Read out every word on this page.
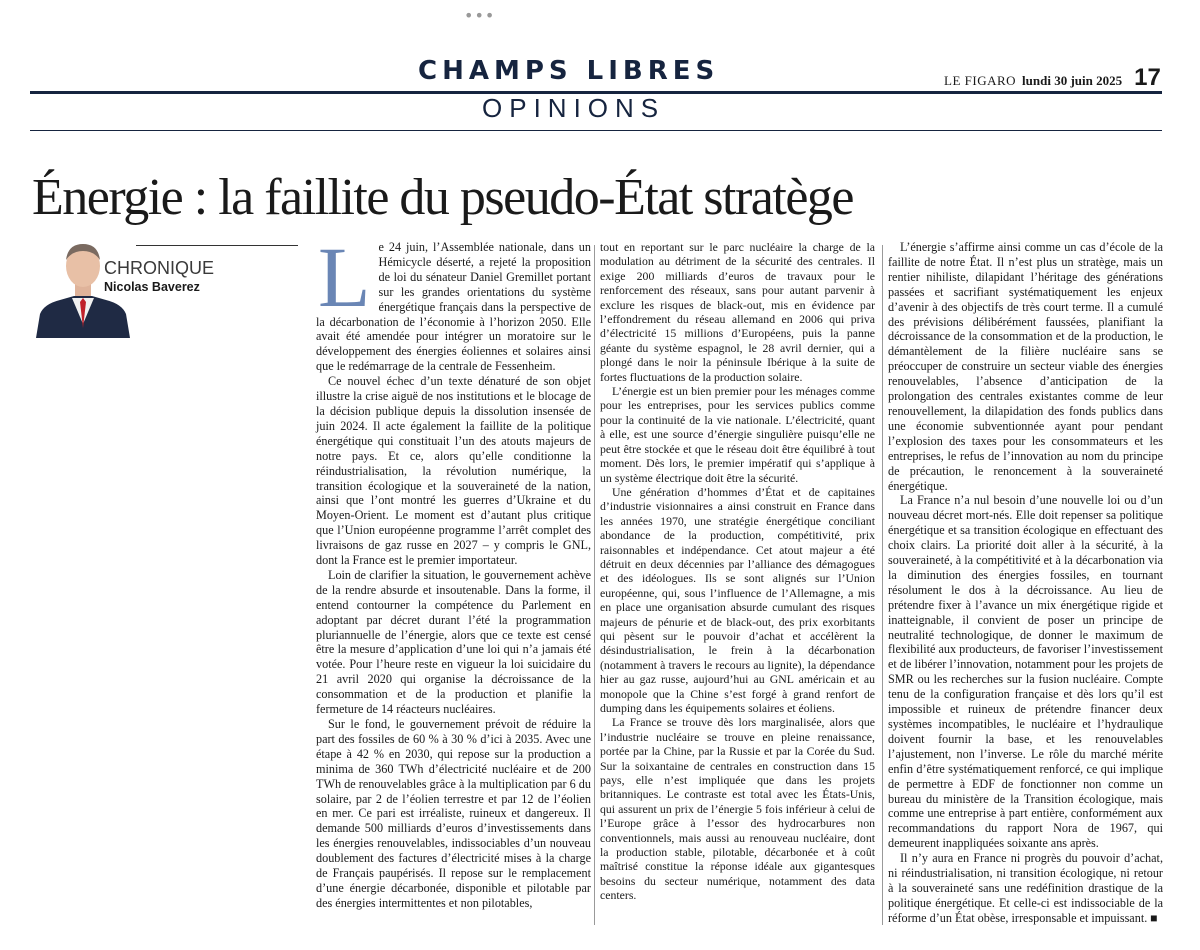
•••
CHAMPS LIBRES	LE FIGARO lundi 30 juin 2025 17
OPINIONS
Énergie : la faillite du pseudo-État stratège
CHRONIQUE
Nicolas Baverez Le 24 juin, l’Assemblée nationale, dans un Hémicycle déserté, a rejeté la proposition de loi du sénateur Daniel Gremillet portant sur les grandes orientations du système énergétique français dans la perspective de la décarbonation de l’économie à l’horizon 2050. Elle avait été amendée pour intégrer un moratoire sur le développement des énergies éoliennes et solaires ainsi que le redémarrage de la centrale de Fessenheim.

Ce nouvel échec d’un texte dénaturé de son objet illustre la crise aiguë de nos institutions et le blocage de la décision publique depuis la dissolution insensée de juin 2024. Il acte également la faillite de la politique énergétique qui constituait l’un des atouts majeurs de notre pays. Et ce, alors qu’elle conditionne la réindustrialisation, la révolution numérique, la transition écologique et la souveraineté de la nation, ainsi que l’ont montré les guerres d’Ukraine et du Moyen-Orient. Le moment est d’autant plus critique que l’Union européenne programme l’arrêt complet des livraisons de gaz russe en 2027 – y compris le GNL, dont la France est le premier importateur.

Loin de clarifier la situation, le gouvernement achève de la rendre absurde et insoutenable. Dans la forme, il entend contourner la compétence du Parlement en adoptant par décret durant l’été la programmation pluriannuelle de l’énergie, alors que ce texte est censé être la mesure d’application d’une loi qui n’a jamais été votée. Pour l’heure reste en vigueur la loi suicidaire du 21 avril 2020 qui organise la décroissance de la consommation et de la production et planifie la fermeture de 14 réacteurs nucléaires.

Sur le fond, le gouvernement prévoit de réduire la part des fossiles de 60 % à 30 % d’ici à 2035. Avec une étape à 42 % en 2030, qui repose sur la production a minima de 360 TWh d’électricité nucléaire et de 200 TWh de renouvelables grâce à la multiplication par 6 du solaire, par 2 de l’éolien terrestre et par 12 de l’éolien en mer. Ce pari est irréaliste, ruineux et dangereux. Il demande 500 milliards d’euros d’investissements dans les énergies renouvelables, indissociables d’un nouveau doublement des factures d’électricité mises à la charge de Français paupérisés. Il repose sur le remplacement d’une énergie décarbonée, disponible et pilotable par des énergies intermittentes et non pilotables,

tout en reportant sur le parc nucléaire la charge de la modulation au détriment de la sécurité des centrales. Il exige 200 milliards d’euros de travaux pour le renforcement des réseaux, sans pour autant parvenir à exclure les risques de black-out, mis en évidence par l’effondrement du réseau allemand en 2006 qui priva d’électricité 15 millions d’Européens, puis la panne géante du système espagnol, le 28 avril dernier, qui a plongé dans le noir la péninsule Ibérique à la suite de fortes fluctuations de la production solaire.

L’énergie est un bien premier pour les ménages comme pour les entreprises, pour les services publics comme pour la continuité de la vie nationale. L’électricité, quant à elle, est une source d’énergie singulière puisqu’elle ne peut être stockée et que le réseau doit être équilibré à tout moment. Dès lors, le premier impératif qui s’applique à un système électrique doit être la sécurité.

Une génération d’hommes d’État et de capitaines d’industrie visionnaires a ainsi construit en France dans les années 1970, une stratégie énergétique conciliant abondance de la production, compétitivité, prix raisonnables et indépendance. Cet atout majeur a été détruit en deux décennies par l’alliance des démagogues et des idéologues. Ils se sont alignés sur l’Union européenne, qui, sous l’influence de l’Allemagne, a mis en place une organisation absurde cumulant des risques majeurs de pénurie et de black-out, des prix exorbitants qui pèsent sur le pouvoir d’achat et accélèrent la désindustrialisation, le frein à la décarbonation (notamment à travers le recours au lignite), la dépendance hier au gaz russe, aujourd’hui au GNL américain et au monopole que la Chine s’est forgé à grand renfort de dumping dans les équipements solaires et éoliens.

La France se trouve dès lors marginalisée, alors que l’industrie nucléaire se trouve en pleine renaissance, portée par la Chine, par la Russie et par la Corée du Sud. Sur la soixantaine de centrales en construction dans 15 pays, elle n’est impliquée que dans les projets britanniques. Le contraste est total avec les États-Unis, qui assurent un prix de l’énergie 5 fois inférieur à celui de l’Europe grâce à l’essor des hydrocarbures non conventionnels, mais aussi au renouveau nucléaire, dont la production stable, pilotable, décarbonée et à coût maîtrisé constitue la réponse idéale aux gigantesques besoins du secteur numérique, notamment des data centers.

L’énergie s’affirme ainsi comme un cas d’école de la faillite de notre État. Il n’est plus un stratège, mais un rentier nihiliste, dilapidant l’héritage des générations passées et sacrifiant systématiquement les enjeux d’avenir à des objectifs de très court terme. Il a cumulé des prévisions délibérément faussées, planifiant la décroissance de la consommation et de la production, le démantèlement de la filière nucléaire sans se préoccuper de construire un secteur viable des énergies renouvelables, l’absence d’anticipation de la prolongation des centrales existantes comme de leur renouvellement, la dilapidation des fonds publics dans une économie subventionnée ayant pour pendant l’explosion des taxes pour les consommateurs et les entreprises, le refus de l’innovation au nom du principe de précaution, le renoncement à la souveraineté énergétique.

La France n’a nul besoin d’une nouvelle loi ou d’un nouveau décret mort-nés. Elle doit repenser sa politique énergétique et sa transition écologique en effectuant des choix clairs. La priorité doit aller à la sécurité, à la souveraineté, à la compétitivité et à la décarbonation via la diminution des énergies fossiles, en tournant résolument le dos à la décroissance. Au lieu de prétendre fixer à l’avance un mix énergétique rigide et inatteignable, il convient de poser un principe de neutralité technologique, de donner le maximum de flexibilité aux producteurs, de favoriser l’investissement et de libérer l’innovation, notamment pour les projets de SMR ou les recherches sur la fusion nucléaire. Compte tenu de la configuration française et dès lors qu’il est impossible et ruineux de prétendre financer deux systèmes incompatibles, le nucléaire et l’hydraulique doivent fournir la base, et les renouvelables l’ajustement, non l’inverse. Le rôle du marché mérite enfin d’être systématiquement renforcé, ce qui implique de permettre à EDF de fonctionner non comme un bureau du ministère de la Transition écologique, mais comme une entreprise à part entière, conformément aux recommandations du rapport Nora de 1967, qui demeurent inappliquées soixante ans après.

Il n’y aura en France ni progrès du pouvoir d’achat, ni réindustrialisation, ni transition écologique, ni retour à la souveraineté sans une redéfinition drastique de la politique énergétique. Et celle-ci est indissociable de la réforme d’un État obèse, irresponsable et impuissant. ■
